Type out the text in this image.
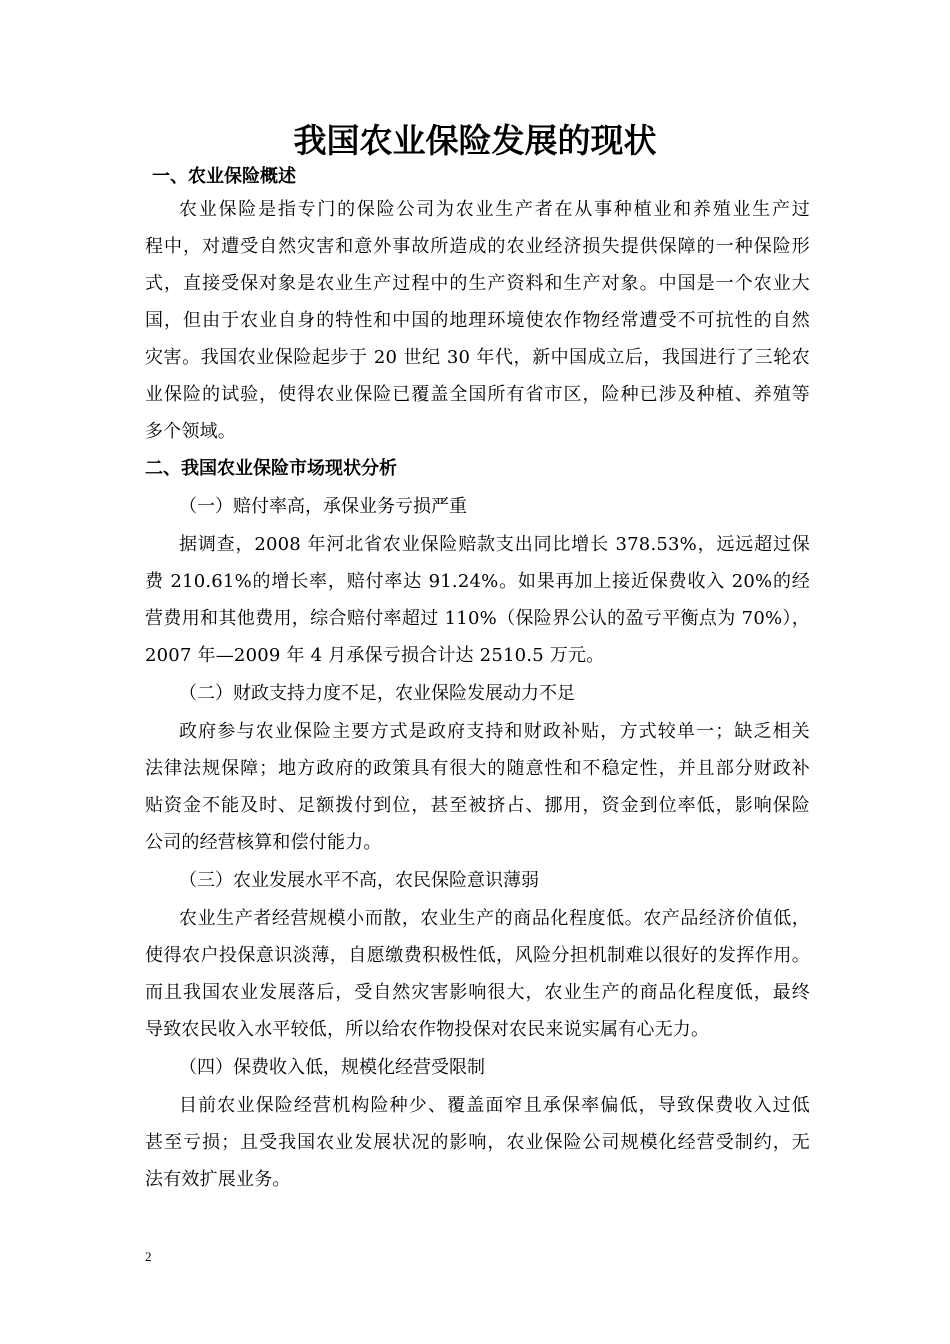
我国农业保险发展的现状
一、农业保险概述
农业保险是指专门的保险公司为农业生产者在从事种植业和养殖业生产过
程中，对遭受自然灾害和意外事故所造成的农业经济损失提供保障的一种保险形
式，直接受保对象是农业生产过程中的生产资料和生产对象。中国是一个农业大
国，但由于农业自身的特性和中国的地理环境使农作物经常遭受不可抗性的自然
灾害。我国农业保险起步于 20 世纪 30 年代，新中国成立后，我国进行了三轮农
业保险的试验，使得农业保险已覆盖全国所有省市区，险种已涉及种植、养殖等
多个领域。
二、我国农业保险市场现状分析

（一）赔付率高，承保业务亏损严重

据调查，2008 年河北省农业保险赔款支出同比增长 378.53%，远远超过保
费 210.61%的增长率，赔付率达 91.24%。如果再加上接近保费收入 20%的经
营费用和其他费用，综合赔付率超过 110%（保险界公认的盈亏平衡点为 70%），
2007 年—2009 年 4 月承保亏损合计达 2510.5 万元。

（二）财政支持力度不足，农业保险发展动力不足

政府参与农业保险主要方式是政府支持和财政补贴，方式较单一；缺乏相关
法律法规保障；地方政府的政策具有很大的随意性和不稳定性，并且部分财政补
贴资金不能及时、足额拨付到位，甚至被挤占、挪用，资金到位率低，影响保险
公司的经营核算和偿付能力。

（三）农业发展水平不高，农民保险意识薄弱

农业生产者经营规模小而散，农业生产的商品化程度低。农产品经济价值低，
使得农户投保意识淡薄，自愿缴费积极性低，风险分担机制难以很好的发挥作用。
而且我国农业发展落后，受自然灾害影响很大，农业生产的商品化程度低，最终
导致农民收入水平较低，所以给农作物投保对农民来说实属有心无力。

（四）保费收入低，规模化经营受限制

目前农业保险经营机构险种少、覆盖面窄且承保率偏低，导致保费收入过低
甚至亏损；且受我国农业发展状况的影响，农业保险公司规模化经营受制约，无
法有效扩展业务。

2
